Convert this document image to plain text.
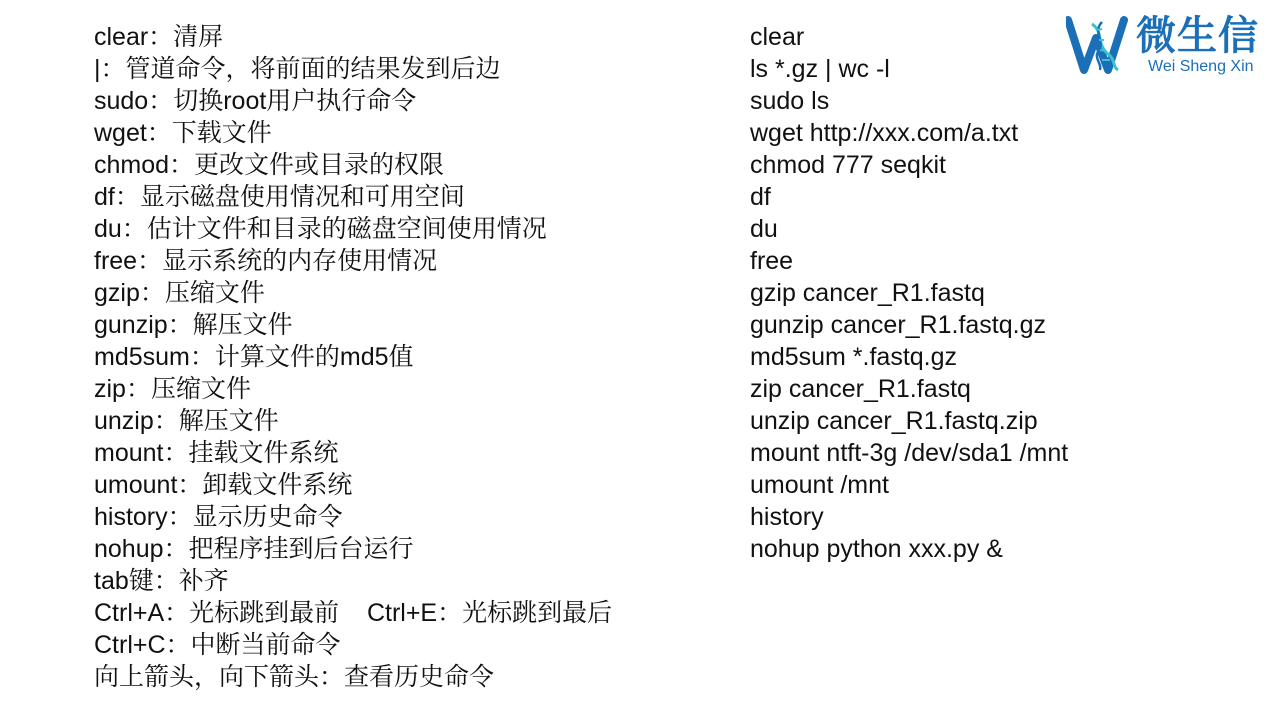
clear：清屏
|：管道命令，将前面的结果发到后边
sudo：切换root用户执行命令
wget：下载文件
chmod：更改文件或目录的权限
df：显示磁盘使用情况和可用空间
du：估计文件和目录的磁盘空间使用情况
free：显示系统的内存使用情况
gzip：压缩文件
gunzip：解压文件
md5sum：计算文件的md5值
zip：压缩文件
unzip：解压文件
mount：挂载文件系统
umount：卸载文件系统
history：显示历史命令
nohup：把程序挂到后台运行
tab键：补齐
Ctrl+A：光标跳到最前    Ctrl+E：光标跳到最后
Ctrl+C：中断当前命令
向上箭头，向下箭头：查看历史命令
clear
ls *.gz | wc -l
sudo ls
wget http://xxx.com/a.txt
chmod 777 seqkit
df
du
free
gzip cancer_R1.fastq
gunzip cancer_R1.fastq.gz
md5sum *.fastq.gz
zip cancer_R1.fastq
unzip cancer_R1.fastq.zip
mount ntft-3g /dev/sda1 /mnt
umount /mnt
history
nohup python xxx.py &
微生信
Wei Sheng Xin
